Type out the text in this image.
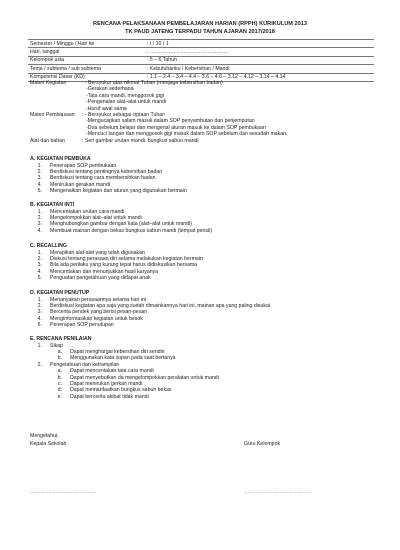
RENCANA PELAKSANAAN PEMBELAJARAN HARIAN (RPPH) KURIKULUM 2013
TK PAUD JATENG TERPADU TAHUN AJARAN 2017/2018
Semester / Minggu / Hari ke	: I / 10 / 1
Hari, tanggal	: ………….., …………………………
Kelompok usia	: 5 – 6 Tahun
Tema / subtema / sub subtema	: Kebutuhanku / Kebersihan / Mandi
Kompetensi Dasar (KD)	: 1.1 – 2.4 – 3.4 – 4.4 – 3.6 – 4.6 – 3.12 – 4.12 – 3.14 – 4.14
Materi Kegiatan	: - Bersyukur atas nikmat Tuhan (menjaga kebersihan badan)
-Gerakan sederhana
-Tata cara mandi, menggosok gigi
-Pengenalan alat–alat untuk mandi
-Huruf awal sama
Materi Pembiasaan : - Bersyukur sebagai ciptaan Tuhan
-Mengucapkan salam masuk dalam SOP penyambutan dan penjemputan
-Doa sebelum belajar dan mengenal aturan masuk ke dalam SOP pembukaan
-Mencuci tangan dan menggosok gigi masuk dalam SOP sebelum dan sesudah makan.
Alat dan bahan	: Seri gambar urutan mandi, bungkus sabun mandi
A. KEGIATAN PEMBUKA
1.	Penerapan SOP pembukaan
2.	Berdiskusi tentang pentingnya kebersihan badan
3.	Berdiskusi tentang cara membersihkan badan
4.	Menirukan gerakan mandi
5.	Mengenalkan kegiatan dan aturan yang digunakan bermain
B. KEGIATAN INTI
1.	Mencentakan urutan cara mandi
2.	Mengelompokkan alat–alat untuk mandi
3.	Menghubungkan gambar dengan kata (alat–alat untuk mandi)
4.	Membuat mainan dengan bekas bungkus sabun mandi (tempat pensil)
C. RECALLING
1.	Merapikan alat-alat yang telah digunakan
2.	Diskusi tentang perasaan diri selama melakukan kegiatan bermain
3.	Bila ada perilaku yang kurang tepat harus didiskusikan bersama
4.	Mencentakan dan menunjukkan hasil karyanya
5.	Penguatan pengetahuan yang didapat anak
D. KEGIATAN PENUTUP
1.	Menanyakan perasaannya selama hari ini
2.	Berdiskusi kegiatan apa saja yang sudah dimainkannya hari ini, mainan apa yang paling disukai
3.	Bercerita pendek yang berisi pesan-pesan
4.	Menginformasikan kegiatan untuk besok
5.	Penerapan SOP penutupan
E. RENCANA PENILAIAN
1.	Sikap
a.	Dapat menghargai kebersihan diri sendiri
b.	Menggunakan kata sopan pada saat bertanya
2.	Pengetahuan dan ketrampilan
a.	Dapat mencentakan tata cara mandi
b.	Dapat menyebutkan da mengelompokkan peralatan untuk mandi
c.	Dapat menirukan gerkan mandi
d.	Dapat memanfaatkan bungkus sabun bekas
e.	Dapat bercerita akibat tidak mandi
Mengetahui,
Kepala Sekolah	Guru Kelompok
………………………………	………………………………
